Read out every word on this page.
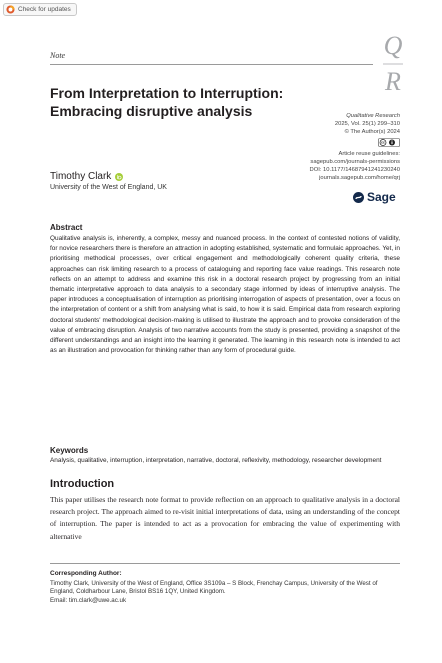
Check for updates
Note	Q
R
From Interpretation to Interruption: Embracing disruptive analysis
Timothy Clark
University of the West of England, UK
Qualitative Research
2025, Vol. 25(1) 299–310
© The Author(s) 2024
cc
Article reuse guidelines:
sagepub.com/journals-permissions
DOI: 10.1177/14687941241230240
journals.sagepub.com/home/qrj
Sage
Abstract

Qualitative analysis is, inherently, a complex, messy and nuanced process. In the context of contested notions of validity, for novice researchers there is therefore an attraction in adopting established, systematic and formulaic approaches. Yet, in prioritising methodical processes, over critical engagement and methodologically coherent quality criteria, these approaches can risk limiting research to a process of cataloguing and reporting face value readings. This research note reflects on an attempt to address and examine this risk in a doctoral research project by progressing from an initial thematic interpretative approach to data analysis to a secondary stage informed by ideas of interruptive analysis. The paper introduces a conceptualisation of interruption as prioritising interrogation of aspects of presentation, over a focus on the interpretation of content or a shift from analysing what is said, to how it is said. Empirical data from research exploring doctoral students' methodological decision-making is utilised to illustrate the approach and to provoke consideration of the value of embracing disruption. Analysis of two narrative accounts from the study is presented, providing a snapshot of the different understandings and an insight into the learning it generated. The learning in this research note is intended to act as an illustration and provocation for thinking rather than any form of procedural guide.

Keywords

Analysis, qualitative, interruption, interpretation, narrative, doctoral, reflexivity, methodology, researcher development

Introduction

This paper utilises the research note format to provide reflection on an approach to qualitative analysis in a doctoral research project. The approach aimed to re-visit initial interpretations of data, using an understanding of the concept of interruption. The paper is intended to act as a provocation for embracing the value of experimenting with alternative

Corresponding Author:
Timothy Clark, University of the West of England, Office 3S109a – S Block, Frenchay Campus, University of the West of England, Coldharbour Lane, Bristol BS16 1QY, United Kingdom.
Email: tim.clark@uwe.ac.uk
